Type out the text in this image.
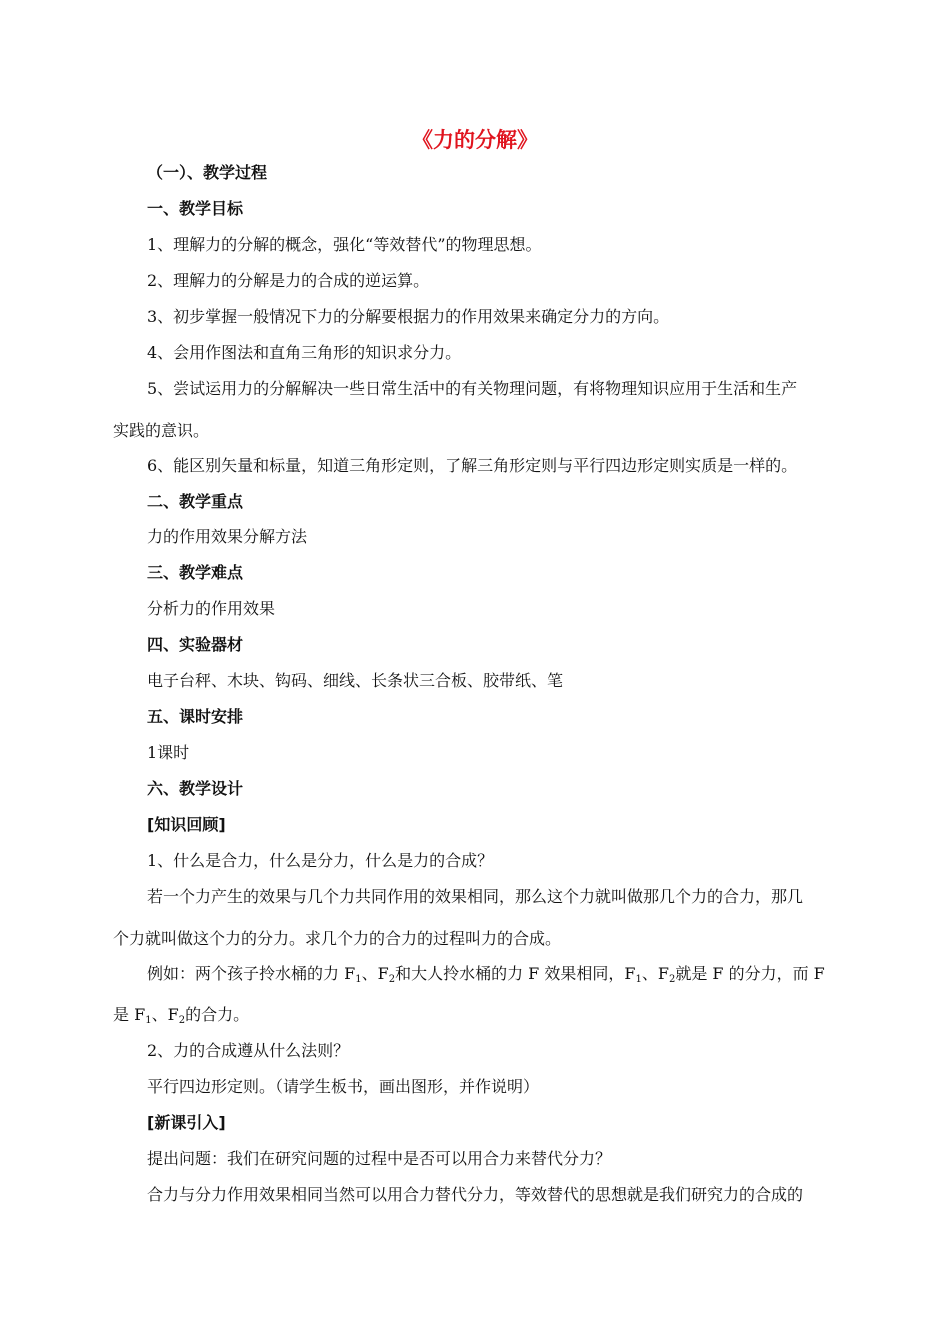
《力的分解》
（一）、教学过程
一、教学目标
1、理解力的分解的概念，强化“等效替代”的物理思想。
2、理解力的分解是力的合成的逆运算。
3、初步掌握一般情况下力的分解要根据力的作用效果来确定分力的方向。
4、会用作图法和直角三角形的知识求分力。
5、尝试运用力的分解解决一些日常生活中的有关物理问题，有将物理知识应用于生活和生产
实践的意识。
6、能区别矢量和标量，知道三角形定则，了解三角形定则与平行四边形定则实质是一样的。
二、教学重点
力的作用效果分解方法
三、教学难点
分析力的作用效果
四、实验器材
电子台秤、木块、钩码、细线、长条状三合板、胶带纸、笔
五、课时安排
1课时
六、教学设计
[知识回顾]
1、什么是合力，什么是分力，什么是力的合成？
若一个力产生的效果与几个力共同作用的效果相同，那么这个力就叫做那几个力的合力，那几
个力就叫做这个力的分力。求几个力的合力的过程叫力的合成。
例如：两个孩子拎水桶的力 $F_1$、$F_2$和大人拎水桶的力 F 效果相同，$F_1$、$F_2$就是 F 的分力，而 F
是 $F_1$、$F_2$的合力。
2、力的合成遵从什么法则？
平行四边形定则。（请学生板书，画出图形，并作说明）
[新课引入]
提出问题：我们在研究问题的过程中是否可以用合力来替代分力？
合力与分力作用效果相同当然可以用合力替代分力，等效替代的思想就是我们研究力的合成的
